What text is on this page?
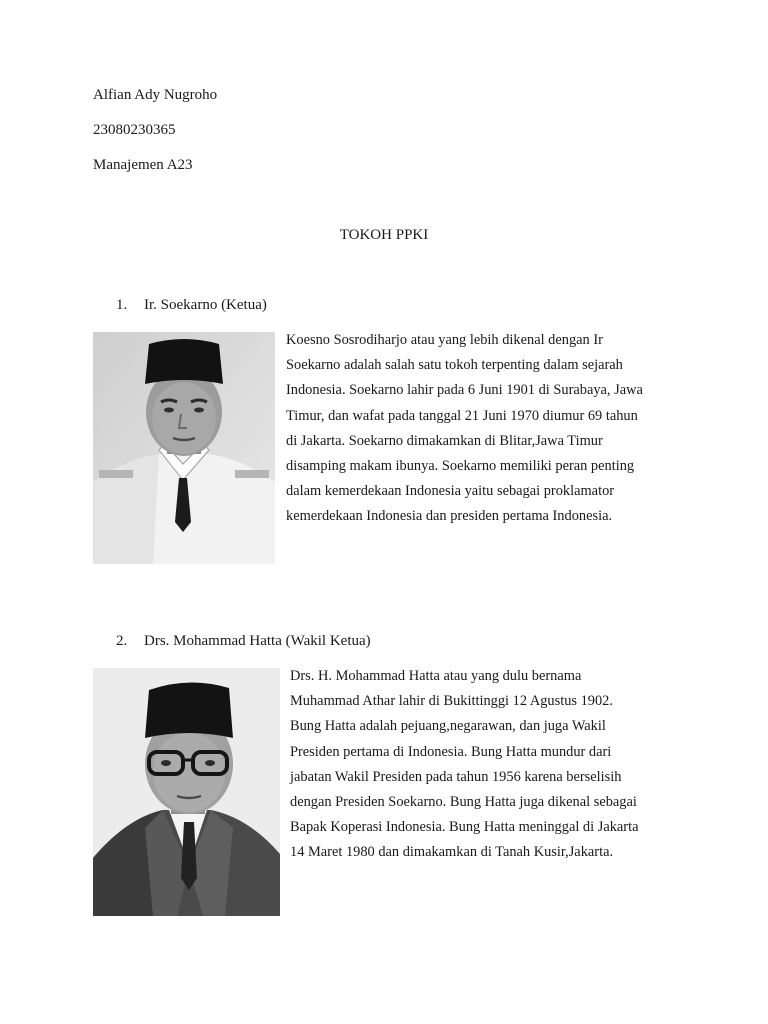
Alfian Ady Nugroho
23080230365
Manajemen A23
TOKOH PPKI
1. Ir. Soekarno (Ketua)
Koesno Sosrodiharjo atau yang lebih dikenal dengan Ir
Soekarno adalah salah satu tokoh terpenting dalam sejarah
Indonesia. Soekarno lahir pada 6 Juni 1901 di Surabaya, Jawa
Timur, dan wafat pada tanggal 21 Juni 1970 diumur 69 tahun
di Jakarta. Soekarno dimakamkan di Blitar,Jawa Timur
disamping makam ibunya. Soekarno memiliki peran penting
dalam kemerdekaan Indonesia yaitu sebagai proklamator
kemerdekaan Indonesia dan presiden pertama Indonesia.
2. Drs. Mohammad Hatta (Wakil Ketua)
Drs. H. Mohammad Hatta atau yang dulu bernama
Muhammad Athar lahir di Bukittinggi 12 Agustus 1902.
Bung Hatta adalah pejuang,negarawan, dan juga Wakil
Presiden pertama di Indonesia. Bung Hatta mundur dari
jabatan Wakil Presiden pada tahun 1956 karena berselisih
dengan Presiden Soekarno. Bung Hatta juga dikenal sebagai
Bapak Koperasi Indonesia. Bung Hatta meninggal di Jakarta
14 Maret 1980 dan dimakamkan di Tanah Kusir,Jakarta.
